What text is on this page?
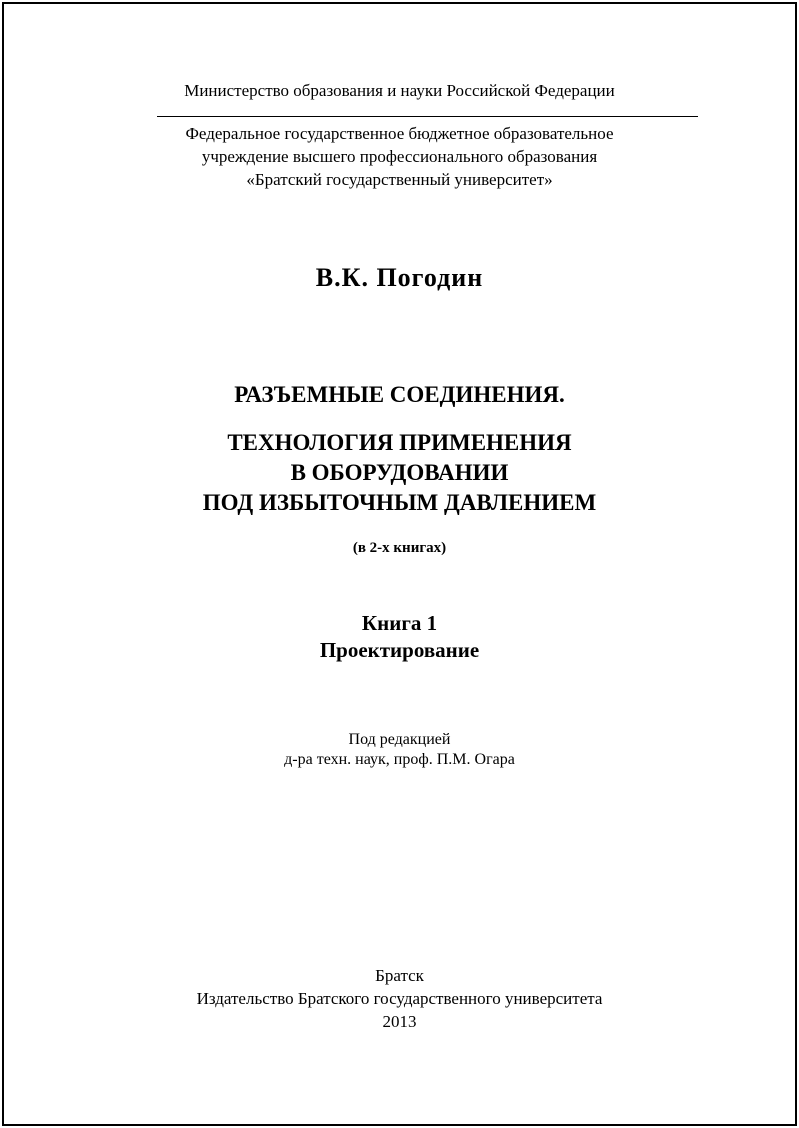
Министерство образования и науки Российской Федерации
Федеральное государственное бюджетное образовательное
учреждение высшего профессионального образования
«Братский государственный университет»
В.К. Погодин
РАЗЪЕМНЫЕ СОЕДИНЕНИЯ.
ТЕХНОЛОГИЯ ПРИМЕНЕНИЯ
В ОБОРУДОВАНИИ
ПОД ИЗБЫТОЧНЫМ ДАВЛЕНИЕМ
(в 2-х книгах)
Книга 1
Проектирование
Под редакцией
д-ра техн. наук, проф. П.М. Огара
Братск
Издательство Братского государственного университета
2013
